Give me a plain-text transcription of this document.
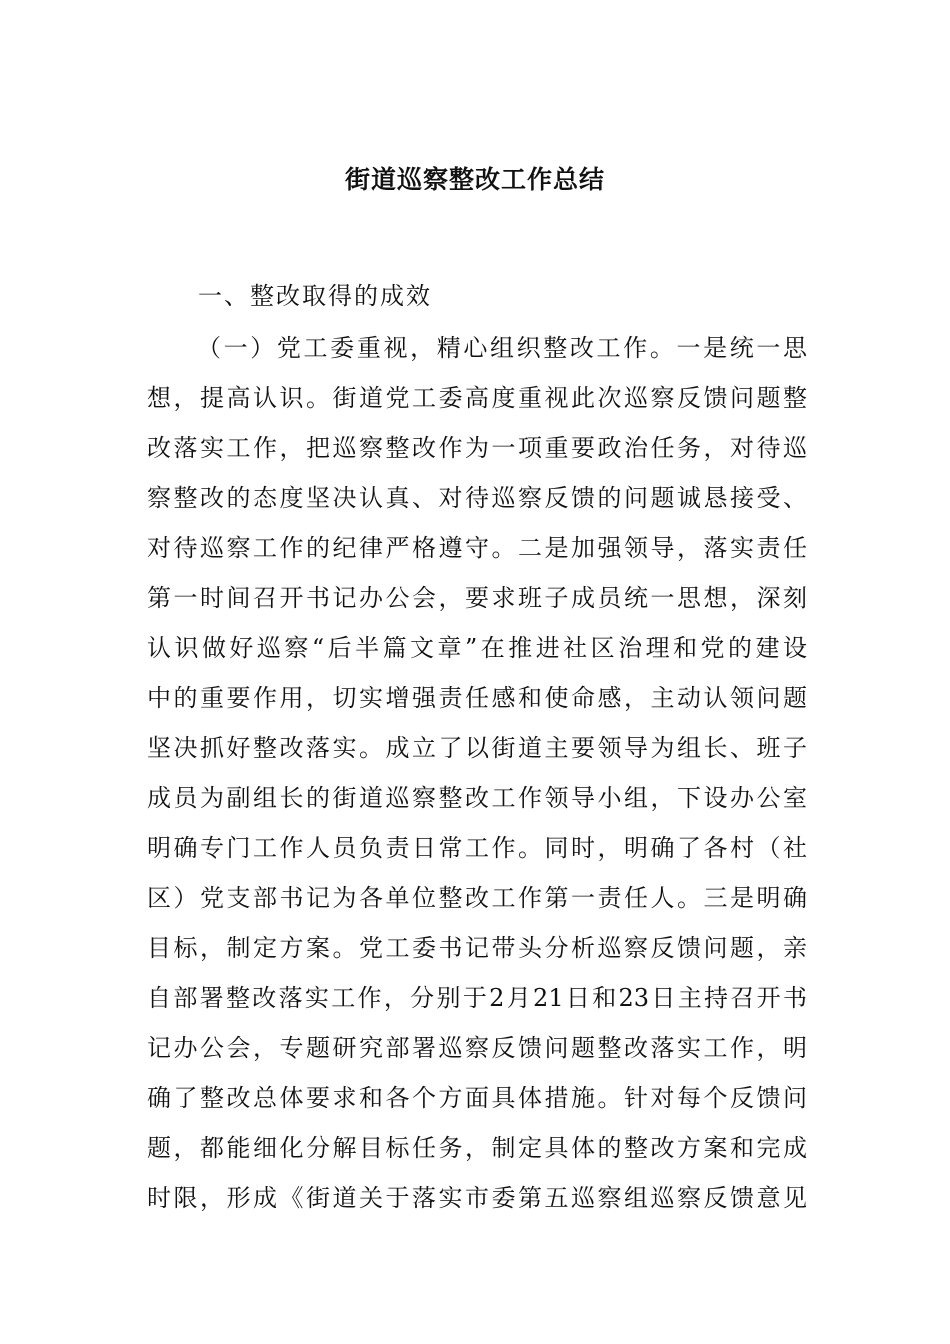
街道巡察整改工作总结
一、整改取得的成效
（一）党工委重视，精心组织整改工作。一是统一思
想，提高认识。街道党工委高度重视此次巡察反馈问题整
改落实工作，把巡察整改作为一项重要政治任务，对待巡
察整改的态度坚决认真、对待巡察反馈的问题诚恳接受、
对待巡察工作的纪律严格遵守。二是加强领导，落实责任
第一时间召开书记办公会，要求班子成员统一思想，深刻
认识做好巡察“后半篇文章”在推进社区治理和党的建设
中的重要作用，切实增强责任感和使命感，主动认领问题
坚决抓好整改落实。成立了以街道主要领导为组长、班子
成员为副组长的街道巡察整改工作领导小组，下设办公室
明确专门工作人员负责日常工作。同时，明确了各村（社
区）党支部书记为各单位整改工作第一责任人。三是明确
目标，制定方案。党工委书记带头分析巡察反馈问题，亲
自部署整改落实工作，分别于2月21日和23日主持召开书
记办公会，专题研究部署巡察反馈问题整改落实工作，明
确了整改总体要求和各个方面具体措施。针对每个反馈问
题，都能细化分解目标任务，制定具体的整改方案和完成
时限，形成《街道关于落实市委第五巡察组巡察反馈意见
